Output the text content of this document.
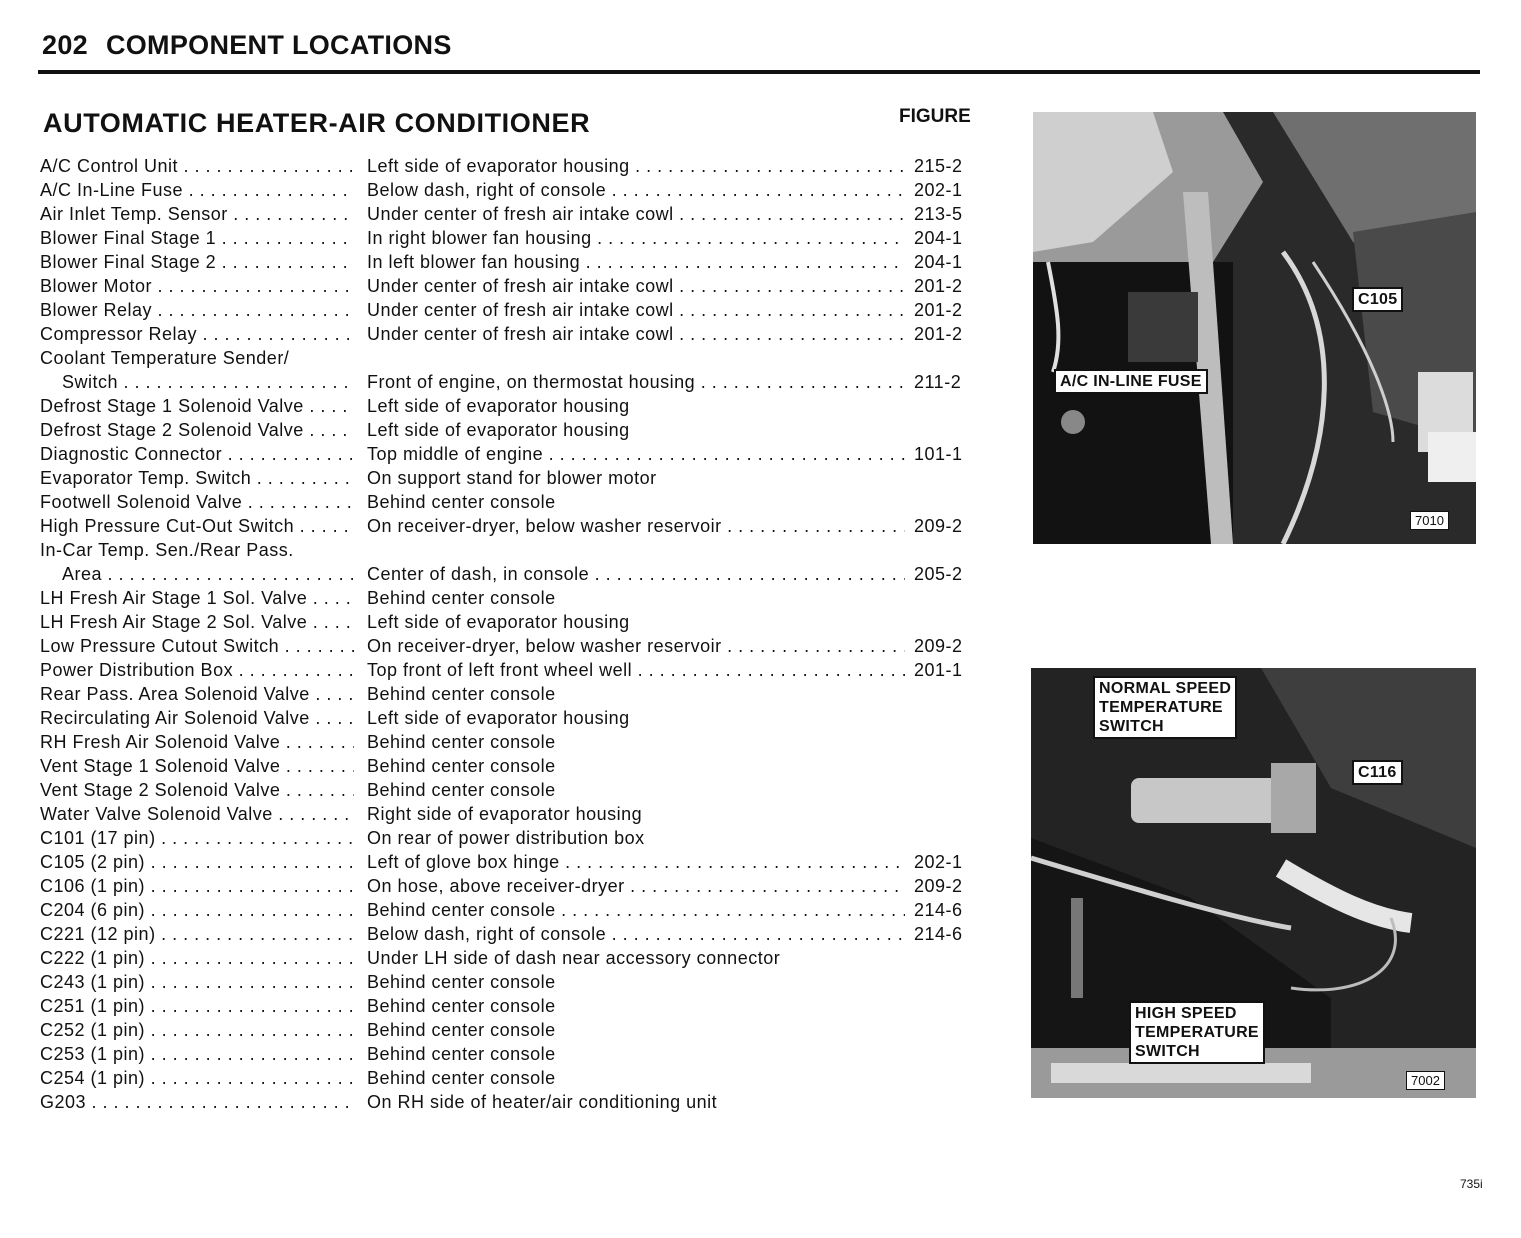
202 COMPONENT LOCATIONS
AUTOMATIC HEATER-AIR CONDITIONER	FIGURE
A/C Control Unit . . .	Left side of evaporator housing . . .	215-2
A/C In-Line Fuse . . .	Below dash, right of console . . .	202-1
Air Inlet Temp. Sensor . . .	Under center of fresh air intake cowl . . .	213-5
Blower Final Stage 1 . . .	In right blower fan housing . . .	204-1
Blower Final Stage 2 . . .	In left blower fan housing . . .	204-1
Blower Motor . . .	Under center of fresh air intake cowl . . .	201-2
Blower Relay . . .	Under center of fresh air intake cowl . . .	201-2
Compressor Relay . . .	Under center of fresh air intake cowl . . .	201-2
Coolant Temperature Sender/
Switch . . .	Front of engine, on thermostat housing . . .	211-2
Defrost Stage 1 Solenoid Valve . . .	Left side of evaporator housing
Defrost Stage 2 Solenoid Valve . . .	Left side of evaporator housing
Diagnostic Connector . . .	Top middle of engine . . .	101-1
Evaporator Temp. Switch . . .	On support stand for blower motor
Footwell Solenoid Valve . . .	Behind center console
High Pressure Cut-Out Switch . . .	On receiver-dryer, below washer reservoir . . .	209-2
In-Car Temp. Sen./Rear Pass.
Area . . .	Center of dash, in console . . .	205-2
LH Fresh Air Stage 1 Sol. Valve . . .	Behind center console
LH Fresh Air Stage 2 Sol. Valve . . .	Left side of evaporator housing
Low Pressure Cutout Switch . . .	On receiver-dryer, below washer reservoir . . .	209-2
Power Distribution Box . . .	Top front of left front wheel well . . .	201-1
Rear Pass. Area Solenoid Valve . . .	Behind center console
Recirculating Air Solenoid Valve . . .	Left side of evaporator housing
RH Fresh Air Solenoid Valve . . .	Behind center console
Vent Stage 1 Solenoid Valve . . .	Behind center console
Vent Stage 2 Solenoid Valve . . .	Behind center console
Water Valve Solenoid Valve . . .	Right side of evaporator housing
C101 (17 pin) . . .	On rear of power distribution box
C105 (2 pin) . . .	Left of glove box hinge . . .	202-1
C106 (1 pin) . . .	On hose, above receiver-dryer . . .	209-2
C204 (6 pin) . . .	Behind center console . . .	214-6
C221 (12 pin) . . .	Below dash, right of console . . .	214-6
C222 (1 pin) . . .	Under LH side of dash near accessory connector
C243 (1 pin) . . .	Behind center console
C251 (1 pin) . . .	Behind center console
C252 (1 pin) . . .	Behind center console
C253 (1 pin) . . .	Behind center console
C254 (1 pin) . . .	Behind center console
G203 . . .	On RH side of heater/air conditioning unit
C105
A/C IN-LINE FUSE
7010
NORMAL SPEED
TEMPERATURE
SWITCH
C116
HIGH SPEED
TEMPERATURE
SWITCH
7002
735i
